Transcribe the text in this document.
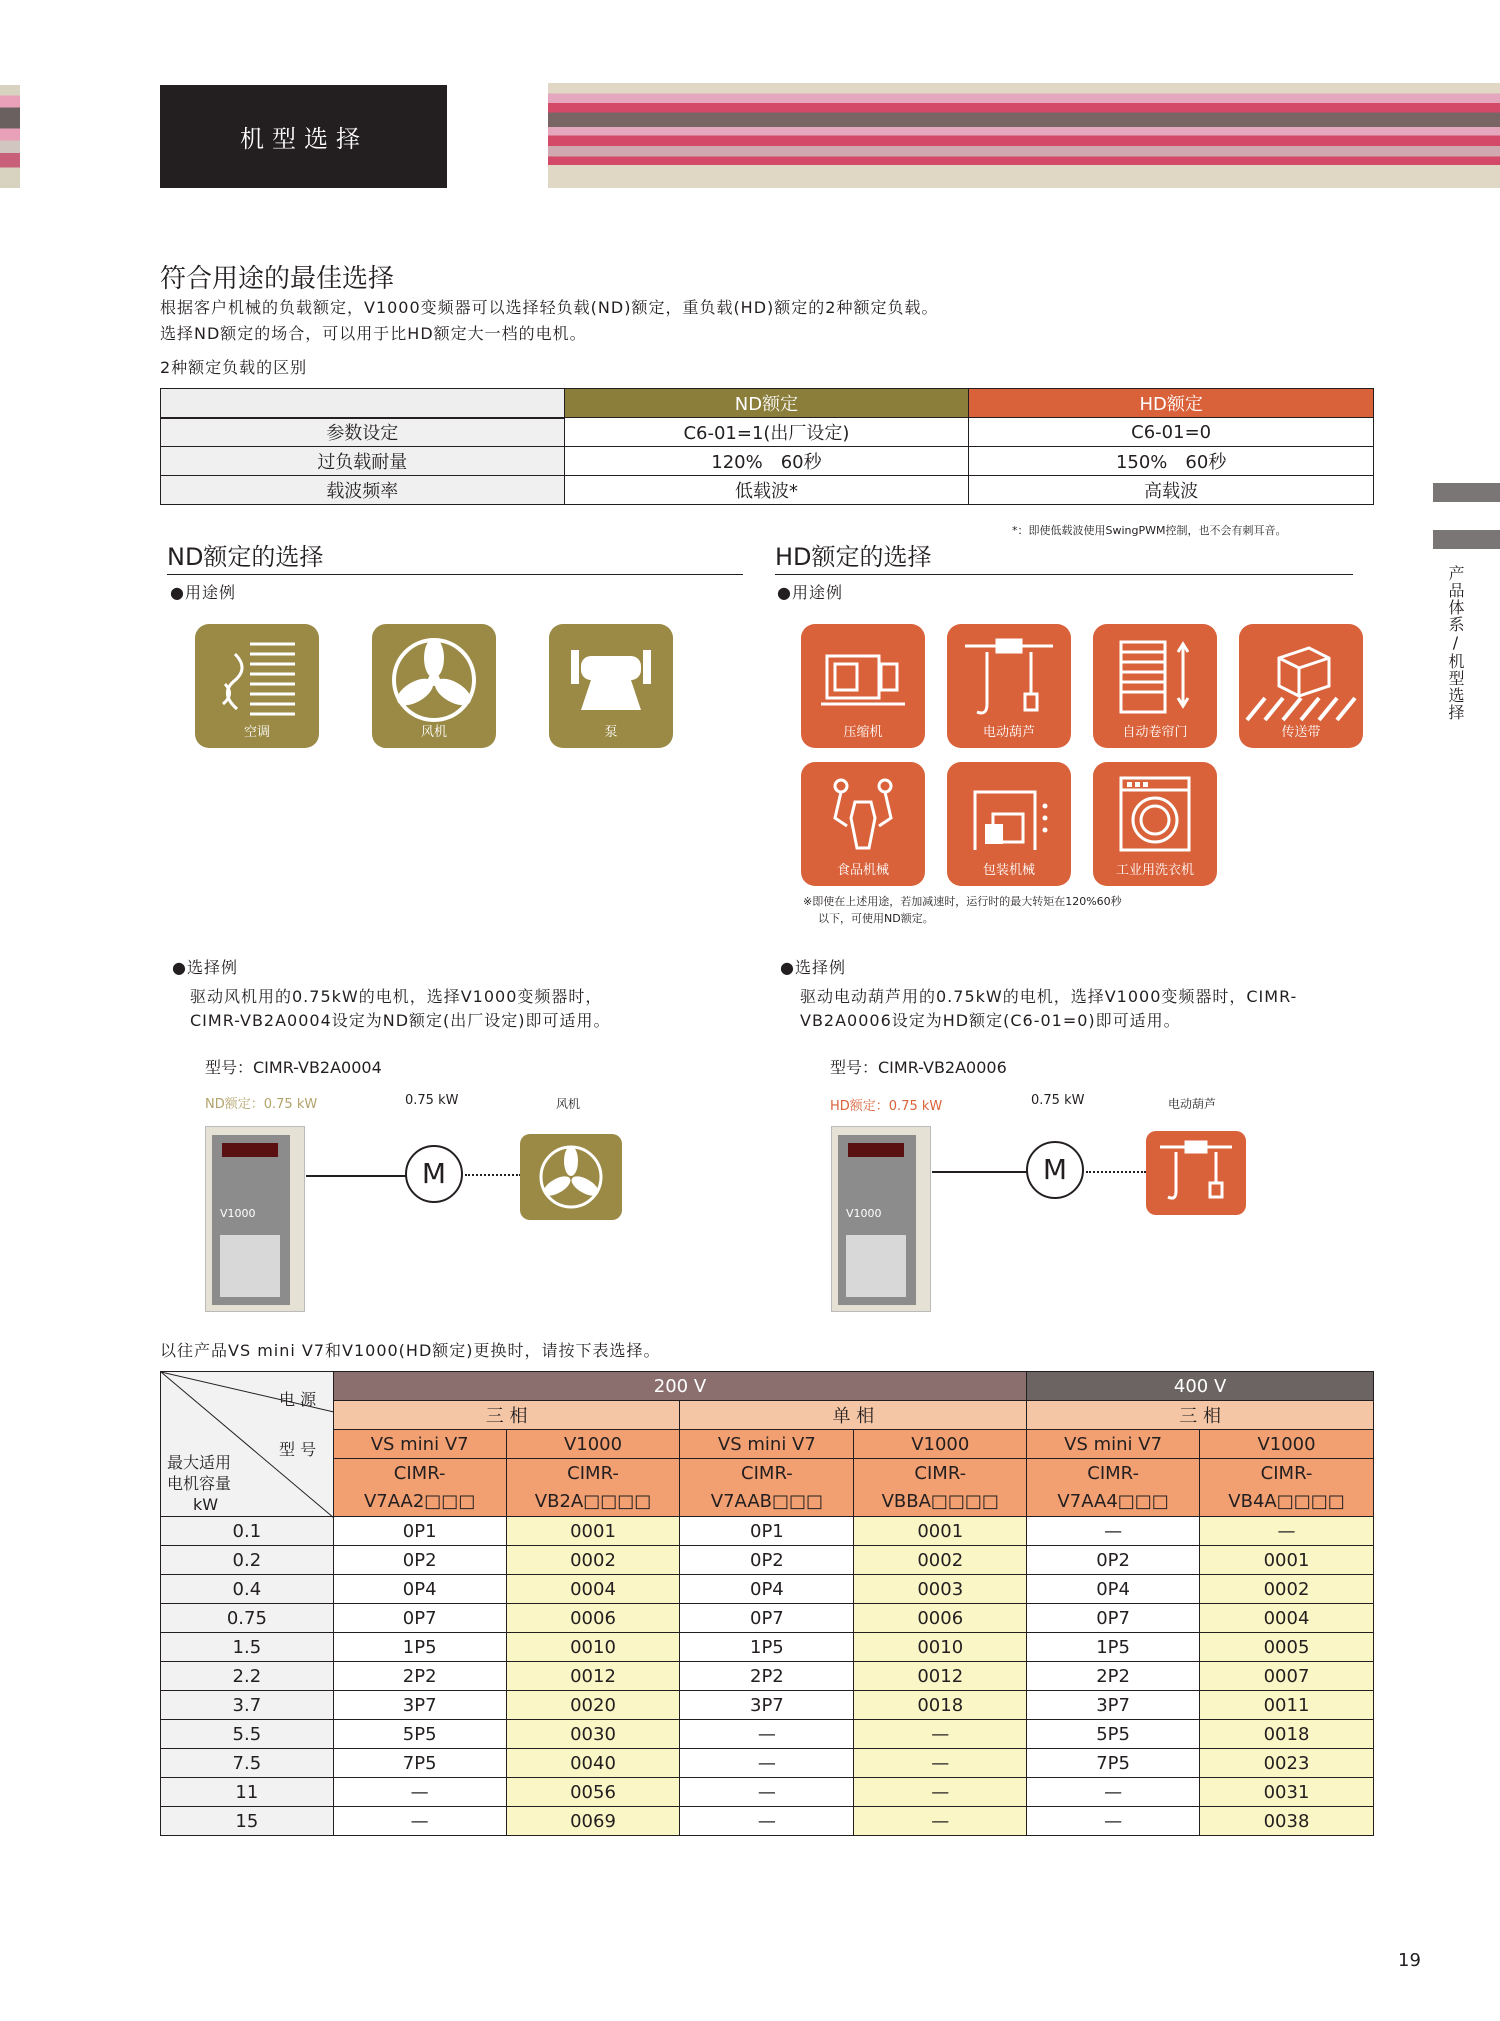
机型选择
产品体系/机型选择
符合用途的最佳选择
根据客户机械的负载额定，V1000变频器可以选择轻负载(ND)额定，重负载(HD)额定的2种额定负载。
选择ND额定的场合，可以用于比HD额定大一档的电机。
2种额定负载的区别
	ND额定	HD额定
参数设定	C6-01=1(出厂设定)	C6-01=0
过负载耐量	120%　60秒	150%　60秒
载波频率	低载波*	高载波
*：即使低载波使用SwingPWM控制，也不会有刺耳音。
ND额定的选择
●用途例
空调	风机	泵
●选择例
驱动风机用的0.75kW的电机，选择V1000变频器时，
CIMR-VB2A0004设定为ND额定(出厂设定)即可适用。
型号：CIMR-VB2A0004
ND额定：0.75 kW	0.75 kW	风机
V1000
M
HD额定的选择
●用途例
压缩机	电动葫芦	自动卷帘门	传送带
食品机械	包装机械	工业用洗衣机
※即使在上述用途，若加减速时，运行时的最大转矩在120%60秒
以下，可使用ND额定。
●选择例
驱动电动葫芦用的0.75kW的电机，选择V1000变频器时，CIMR-
VB2A0006设定为HD额定(C6-01=0)即可适用。
型号：CIMR-VB2A0006
HD额定：0.75 kW	0.75 kW	电动葫芦
V1000
M
以往产品VS mini V7和V1000(HD额定)更换时，请按下表选择。
电 源
型 号
最大适用
电机容量
kW	200 V				400 V	
	三 相		单 相		三 相	
	VS mini V7	V1000	VS mini V7	V1000	VS mini V7	V1000
	CIMR-	CIMR-	CIMR-	CIMR-	CIMR-	CIMR-
	V7AA2□□□	VB2A□□□□	V7AAB□□□	VBBA□□□□	V7AA4□□□	VB4A□□□□
0.1	0P1	0001	0P1	0001	—	—
0.2	0P2	0002	0P2	0002	0P2	0001
0.4	0P4	0004	0P4	0003	0P4	0002
0.75	0P7	0006	0P7	0006	0P7	0004
1.5	1P5	0010	1P5	0010	1P5	0005
2.2	2P2	0012	2P2	0012	2P2	0007
3.7	3P7	0020	3P7	0018	3P7	0011
5.5	5P5	0030	—	—	5P5	0018
7.5	7P5	0040	—	—	7P5	0023
11	—	0056	—	—	—	0031
15	—	0069	—	—	—	0038
19
